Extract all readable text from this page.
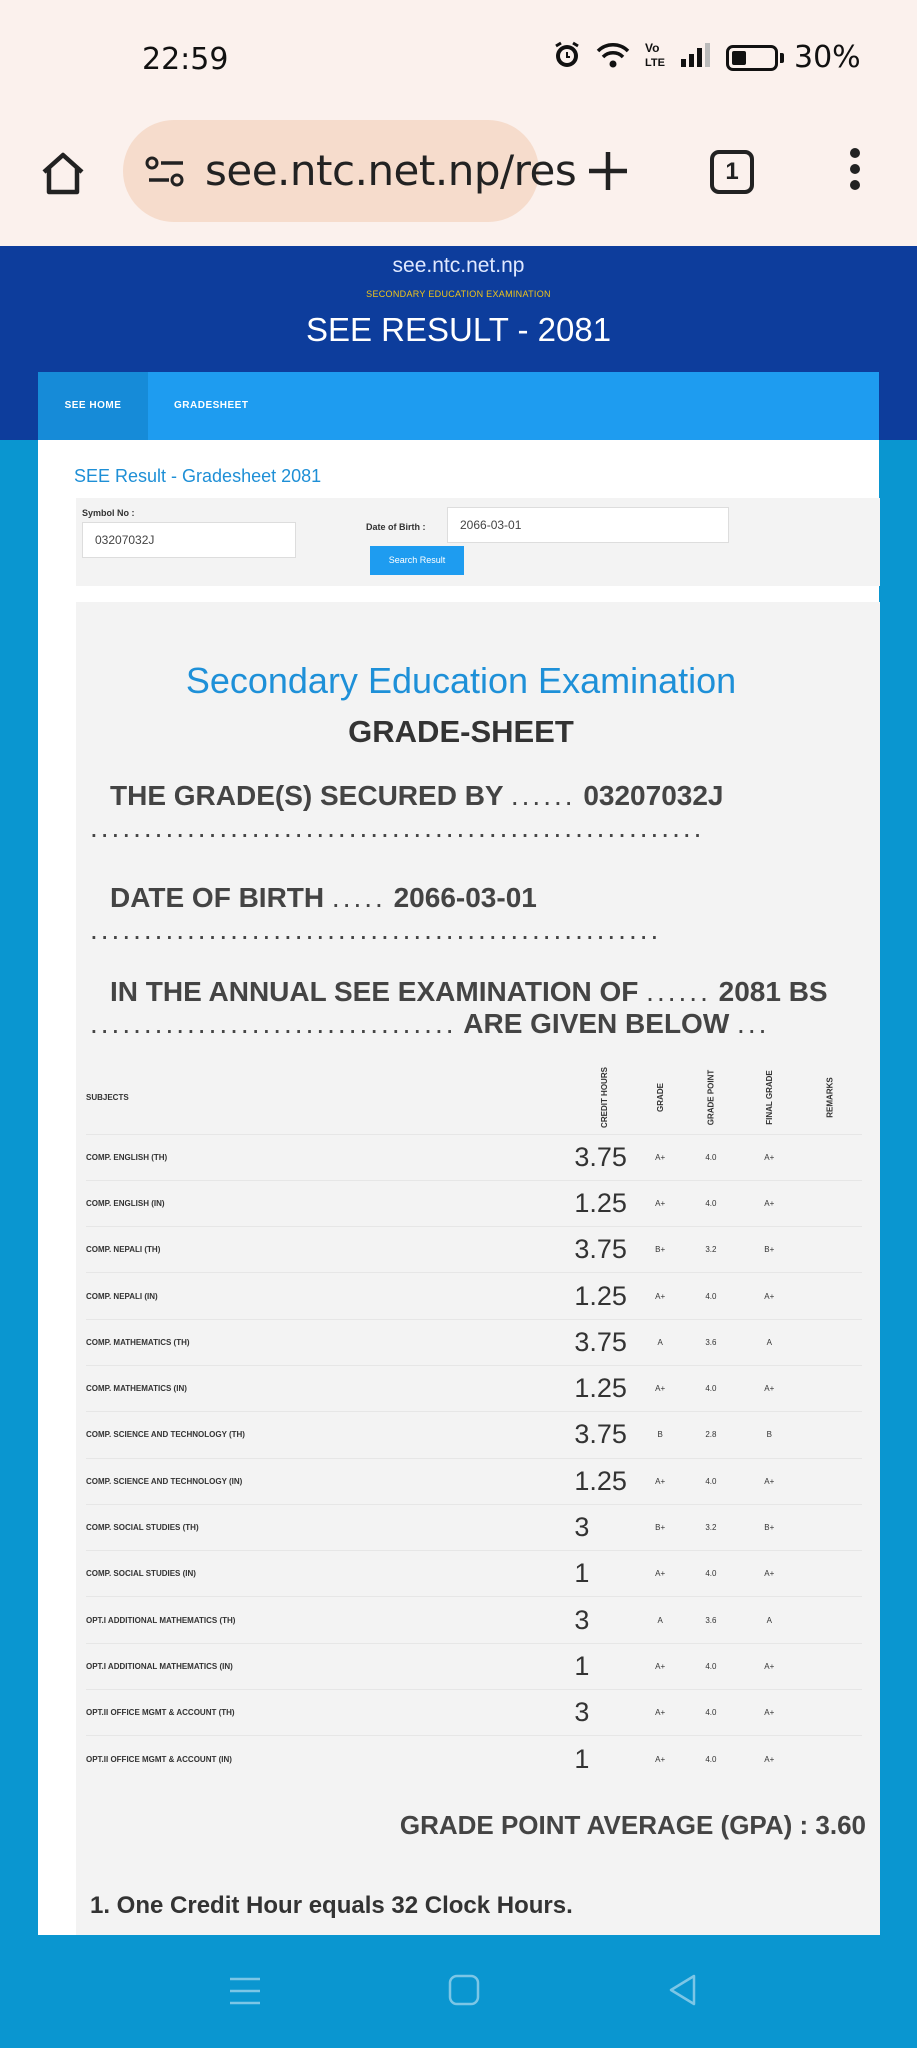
22:59	Vo
LTE	30%
see.ntc.net.np/res	1
see.ntc.net.np
SECONDARY EDUCATION EXAMINATION
SEE RESULT - 2081
SEE HOME	GRADESHEET
SEE Result - Gradesheet 2081
Symbol No :
03207032J
Date of Birth :	2066-03-01
Search Result
Secondary Education Examination
GRADE-SHEET
THE GRADE(S) SECURED BY ...... 03207032J .........................................................
DATE OF BIRTH ..... 2066-03-01 .....................................................
IN THE ANNUAL SEE EXAMINATION OF ...... 2081 BS .................................. ARE GIVEN BELOW ...
SUBJECTS	CREDIT HOURS	GRADE	GRADE POINT	FINAL GRADE	REMARKS
COMP. ENGLISH (TH)	3.75	A+	4.0	A+	
COMP. ENGLISH (IN)	1.25	A+	4.0	A+	
COMP. NEPALI (TH)	3.75	B+	3.2	B+	
COMP. NEPALI (IN)	1.25	A+	4.0	A+	
COMP. MATHEMATICS (TH)	3.75	A	3.6	A	
COMP. MATHEMATICS (IN)	1.25	A+	4.0	A+	
COMP. SCIENCE AND TECHNOLOGY (TH)	3.75	B	2.8	B	
COMP. SCIENCE AND TECHNOLOGY (IN)	1.25	A+	4.0	A+	
COMP. SOCIAL STUDIES (TH)	3	B+	3.2	B+	
COMP. SOCIAL STUDIES (IN)	1	A+	4.0	A+	
OPT.I ADDITIONAL MATHEMATICS (TH)	3	A	3.6	A	
OPT.I ADDITIONAL MATHEMATICS (IN)	1	A+	4.0	A+	
OPT.II OFFICE MGMT & ACCOUNT (TH)	3	A+	4.0	A+	
OPT.II OFFICE MGMT & ACCOUNT (IN)	1	A+	4.0	A+	
GRADE POINT AVERAGE (GPA) : 3.60
1. One Credit Hour equals 32 Clock Hours.
